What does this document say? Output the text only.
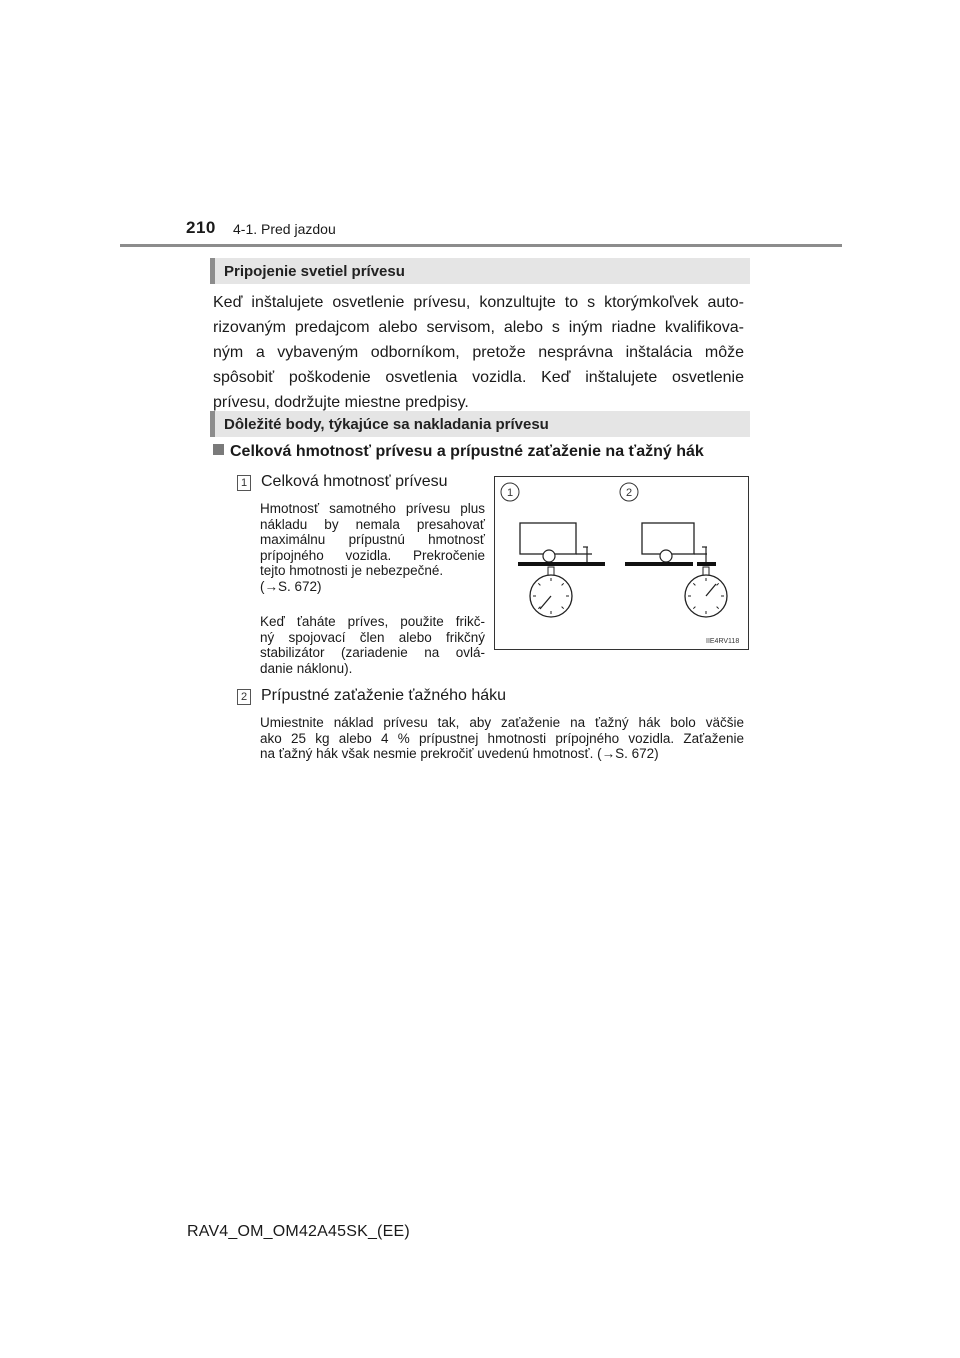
210 4-1. Pred jazdou
Pripojenie svetiel prívesu
Keď inštalujete osvetlenie prívesu, konzultujte to s ktorýmkoľvek auto-
rizovaným predajcom alebo servisom, alebo s iným riadne kvalifikova-
ným a vybaveným odborníkom, pretože nesprávna inštalácia môže
spôsobiť poškodenie osvetlenia vozidla. Keď inštalujete osvetlenie
prívesu, dodržujte miestne predpisy.
Dôležité body, týkajúce sa nakladania prívesu
Celková hmotnosť prívesu a prípustné zaťaženie na ťažný hák
1 Celková hmotnosť prívesu
Hmotnosť samotného prívesu plus
nákladu by nemala presahovať
maximálnu prípustnú hmotnosť
prípojného vozidla. Prekročenie
tejto hmotnosti je nebezpečné.
(→S. 672)
Keď ťaháte príves, použite frikč-
ný spojovací člen alebo frikčný
stabilizátor (zariadenie na ovlá-
danie náklonu).
1	2
IIE4RV118
2 Prípustné zaťaženie ťažného háku
Umiestnite náklad prívesu tak, aby zaťaženie na ťažný hák bolo väčšie
ako 25 kg alebo 4 % prípustnej hmotnosti prípojného vozidla. Zaťaženie
na ťažný hák však nesmie prekročiť uvedenú hmotnosť. (→S. 672)
RAV4_OM_OM42A45SK_(EE)
